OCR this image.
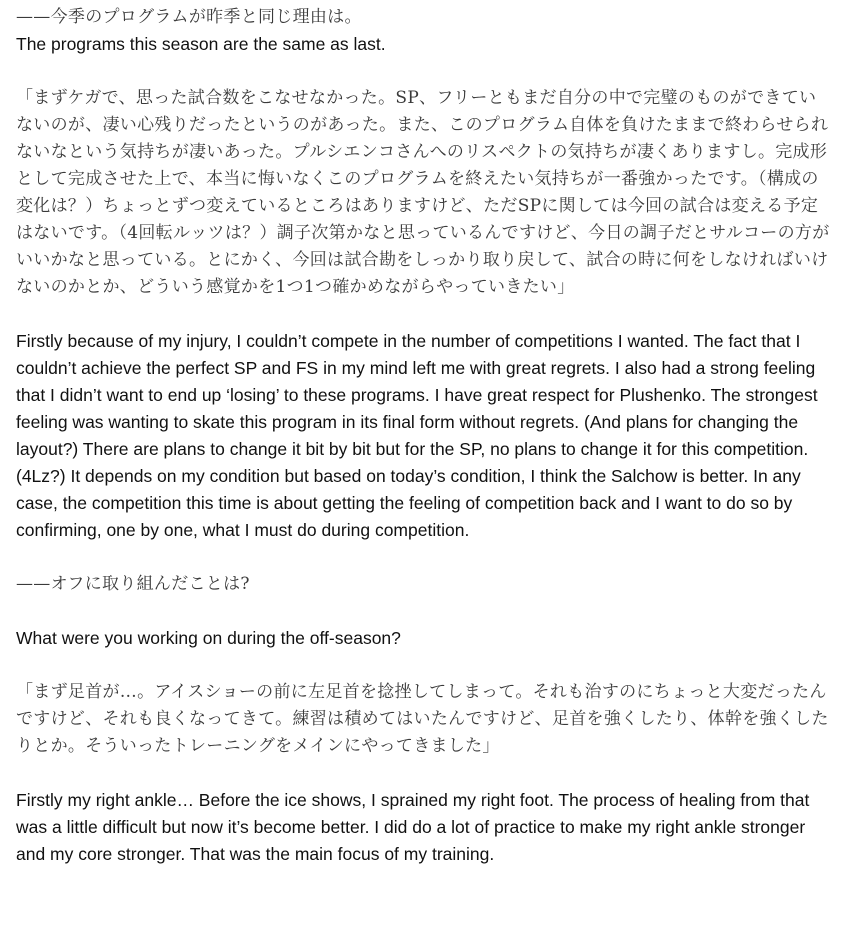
——今季のプログラムが昨季と同じ理由は。

The programs this season are the same as last.

「まずケガで、思った試合数をこなせなかった。SP、フリーともまだ自分の中で完璧のものができていないのが、凄い心残りだったというのがあった。また、このプログラム自体を負けたままで終わらせられないなという気持ちが凄いあった。プルシエンコさんへのリスペクトの気持ちが凄くありますし。完成形として完成させた上で、本当に悔いなくこのプログラムを終えたい気持ちが一番強かったです。（構成の変化は？）ちょっとずつ変えているところはありますけど、ただSPに関しては今回の試合は変える予定はないです。（4回転ルッツは？）調子次第かなと思っているんですけど、今日の調子だとサルコーの方がいいかなと思っている。とにかく、今回は試合勘をしっかり取り戻して、試合の時に何をしなければいけないのかとか、どういう感覚かを1つ1つ確かめながらやっていきたい」

Firstly because of my injury, I couldn’t compete in the number of competitions I wanted. The fact that I couldn’t achieve the perfect SP and FS in my mind left me with great regrets. I also had a strong feeling that I didn’t want to end up ‘losing’ to these programs. I have great respect for Plushenko. The strongest feeling was wanting to skate this program in its final form without regrets. (And plans for changing the layout?) There are plans to change it bit by bit but for the SP, no plans to change it for this competition. (4Lz?) It depends on my condition but based on today’s condition, I think the Salchow is better. In any case, the competition this time is about getting the feeling of competition back and I want to do so by confirming, one by one, what I must do during competition.

——オフに取り組んだことは?

What were you working on during the off-season?

「まず足首が…。アイスショーの前に左足首を捻挫してしまって。それも治すのにちょっと大変だったんですけど、それも良くなってきて。練習は積めてはいたんですけど、足首を強くしたり、体幹を強くしたりとか。そういったトレーニングをメインにやってきました」

Firstly my right ankle… Before the ice shows, I sprained my right foot. The process of healing from that was a little difficult but now it’s become better. I did do a lot of practice to make my right ankle stronger and my core stronger. That was the main focus of my training.
